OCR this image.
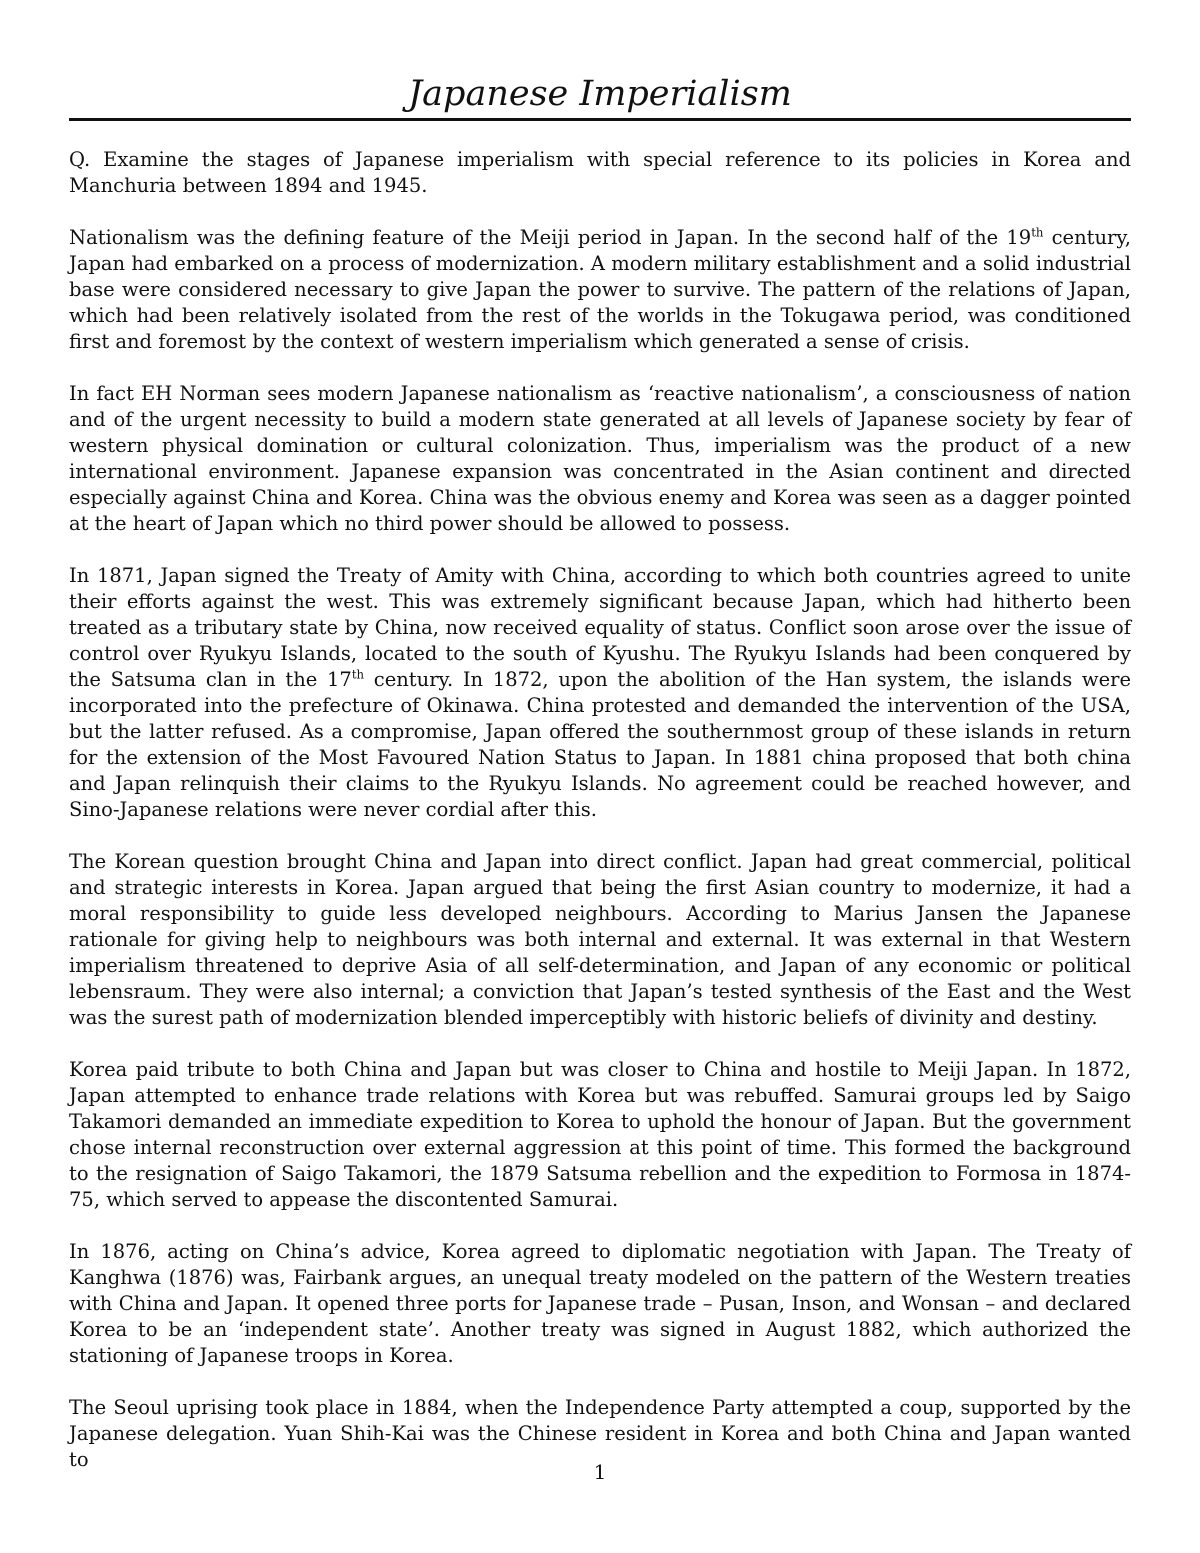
Japanese Imperialism

Q. Examine the stages of Japanese imperialism with special reference to its policies in Korea and Manchuria between 1894 and 1945.

Nationalism was the defining feature of the Meiji period in Japan. In the second half of the 19th century, Japan had embarked on a process of modernization. A modern military establishment and a solid industrial base were considered necessary to give Japan the power to survive. The pattern of the relations of Japan, which had been relatively isolated from the rest of the worlds in the Tokugawa period, was conditioned first and foremost by the context of western imperialism which generated a sense of crisis.

In fact EH Norman sees modern Japanese nationalism as ‘reactive nationalism’, a consciousness of nation and of the urgent necessity to build a modern state generated at all levels of Japanese society by fear of western physical domination or cultural colonization. Thus, imperialism was the product of a new international environment. Japanese expansion was concentrated in the Asian continent and directed especially against China and Korea. China was the obvious enemy and Korea was seen as a dagger pointed at the heart of Japan which no third power should be allowed to possess.

In 1871, Japan signed the Treaty of Amity with China, according to which both countries agreed to unite their efforts against the west. This was extremely significant because Japan, which had hitherto been treated as a tributary state by China, now received equality of status. Conflict soon arose over the issue of control over Ryukyu Islands, located to the south of Kyushu. The Ryukyu Islands had been conquered by the Satsuma clan in the 17th century. In 1872, upon the abolition of the Han system, the islands were incorporated into the prefecture of Okinawa. China protested and demanded the intervention of the USA, but the latter refused. As a compromise, Japan offered the southernmost group of these islands in return for the extension of the Most Favoured Nation Status to Japan. In 1881 china proposed that both china and Japan relinquish their claims to the Ryukyu Islands. No agreement could be reached however, and Sino-Japanese relations were never cordial after this.

The Korean question brought China and Japan into direct conflict. Japan had great commercial, political and strategic interests in Korea. Japan argued that being the first Asian country to modernize, it had a moral responsibility to guide less developed neighbours. According to Marius Jansen the Japanese rationale for giving help to neighbours was both internal and external. It was external in that Western imperialism threatened to deprive Asia of all self-determination, and Japan of any economic or political lebensraum. They were also internal; a conviction that Japan’s tested synthesis of the East and the West was the surest path of modernization blended imperceptibly with historic beliefs of divinity and destiny.

Korea paid tribute to both China and Japan but was closer to China and hostile to Meiji Japan. In 1872, Japan attempted to enhance trade relations with Korea but was rebuffed. Samurai groups led by Saigo Takamori demanded an immediate expedition to Korea to uphold the honour of Japan. But the government chose internal reconstruction over external aggression at this point of time. This formed the background to the resignation of Saigo Takamori, the 1879 Satsuma rebellion and the expedition to Formosa in 1874-75, which served to appease the discontented Samurai.

In 1876, acting on China’s advice, Korea agreed to diplomatic negotiation with Japan. The Treaty of Kanghwa (1876) was, Fairbank argues, an unequal treaty modeled on the pattern of the Western treaties with China and Japan. It opened three ports for Japanese trade – Pusan, Inson, and Wonsan – and declared Korea to be an ‘independent state’. Another treaty was signed in August 1882, which authorized the stationing of Japanese troops in Korea.

The Seoul uprising took place in 1884, when the Independence Party attempted a coup, supported by the Japanese delegation. Yuan Shih-Kai was the Chinese resident in Korea and both China and Japan wanted to

1
